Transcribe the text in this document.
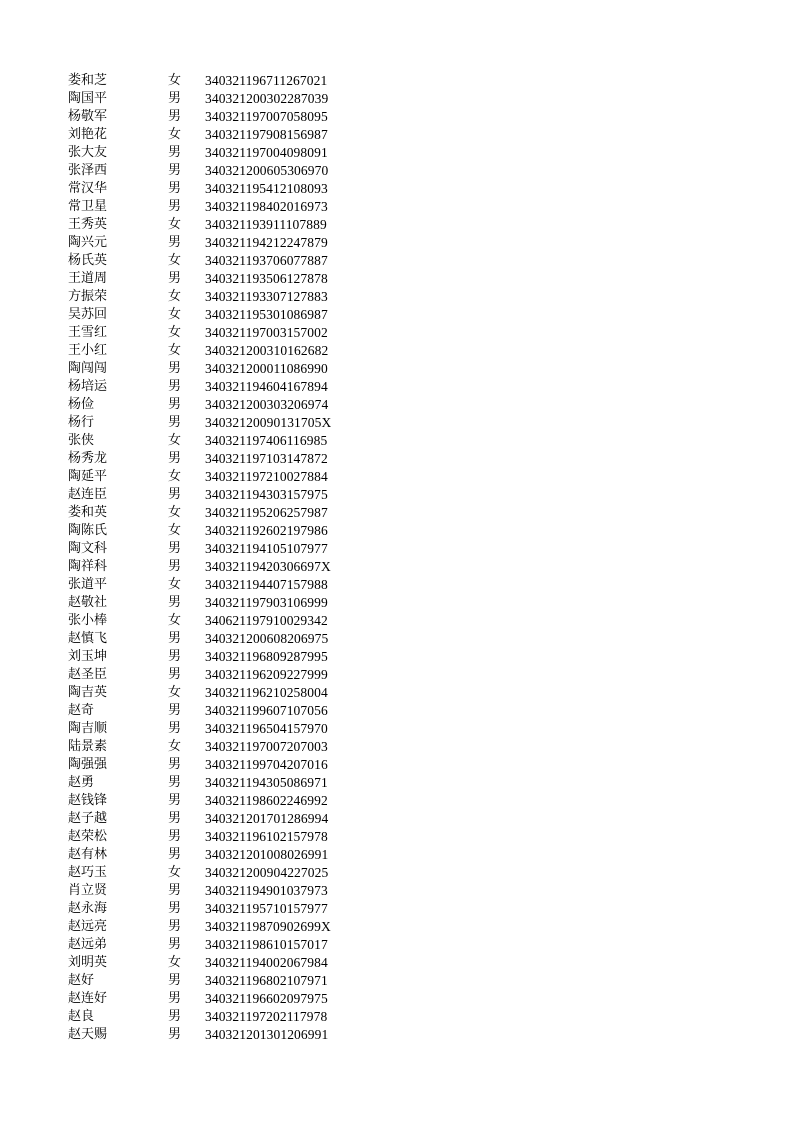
娄和芝	女 340321196711267021
陶国平	男 340321200302287039
杨敬军	男 340321197007058095
刘艳花	女 340321197908156987
张大友	男 340321197004098091
张泽西	男 340321200605306970
常汉华	男 340321195412108093
常卫星	男 340321198402016973
王秀英	女 340321193911107889
陶兴元	男 340321194212247879
杨氏英	女 340321193706077887
王道周	男 340321193506127878
方振荣	女 340321193307127883
吴苏回	女 340321195301086987
王雪红	女 340321197003157002
王小红	女 340321200310162682
陶闯闯	男 340321200011086990
杨培运	男 340321194604167894
杨俭	男 340321200303206974
杨行	男 34032120090131705X
张侠	女 340321197406116985
杨秀龙	男 340321197103147872
陶延平	女 340321197210027884
赵连臣	男 340321194303157975
娄和英	女 340321195206257987
陶陈氏	女 340321192602197986
陶文科	男 340321194105107977
陶祥科	男 34032119420306697X
张道平	女 340321194407157988
赵敬社	男 340321197903106999
张小棒	女 340621197910029342
赵慎飞	男 340321200608206975
刘玉坤	男 340321196809287995
赵圣臣	男 340321196209227999
陶吉英	女 340321196210258004
赵奇	男 340321199607107056
陶吉顺	男 340321196504157970
陆景素	女 340321197007207003
陶强强	男 340321199704207016
赵勇	男 340321194305086971
赵钱锋	男 340321198602246992
赵子越	男 340321201701286994
赵荣松	男 340321196102157978
赵有林	男 340321201008026991
赵巧玉	女 340321200904227025
肖立贤	男 340321194901037973
赵永海	男 340321195710157977
赵远亮	男 34032119870902699X
赵远弟	男 340321198610157017
刘明英	女 340321194002067984
赵好	男 340321196802107971
赵连好	男 340321196602097975
赵良	男 340321197202117978
赵天赐	男 340321201301206991
